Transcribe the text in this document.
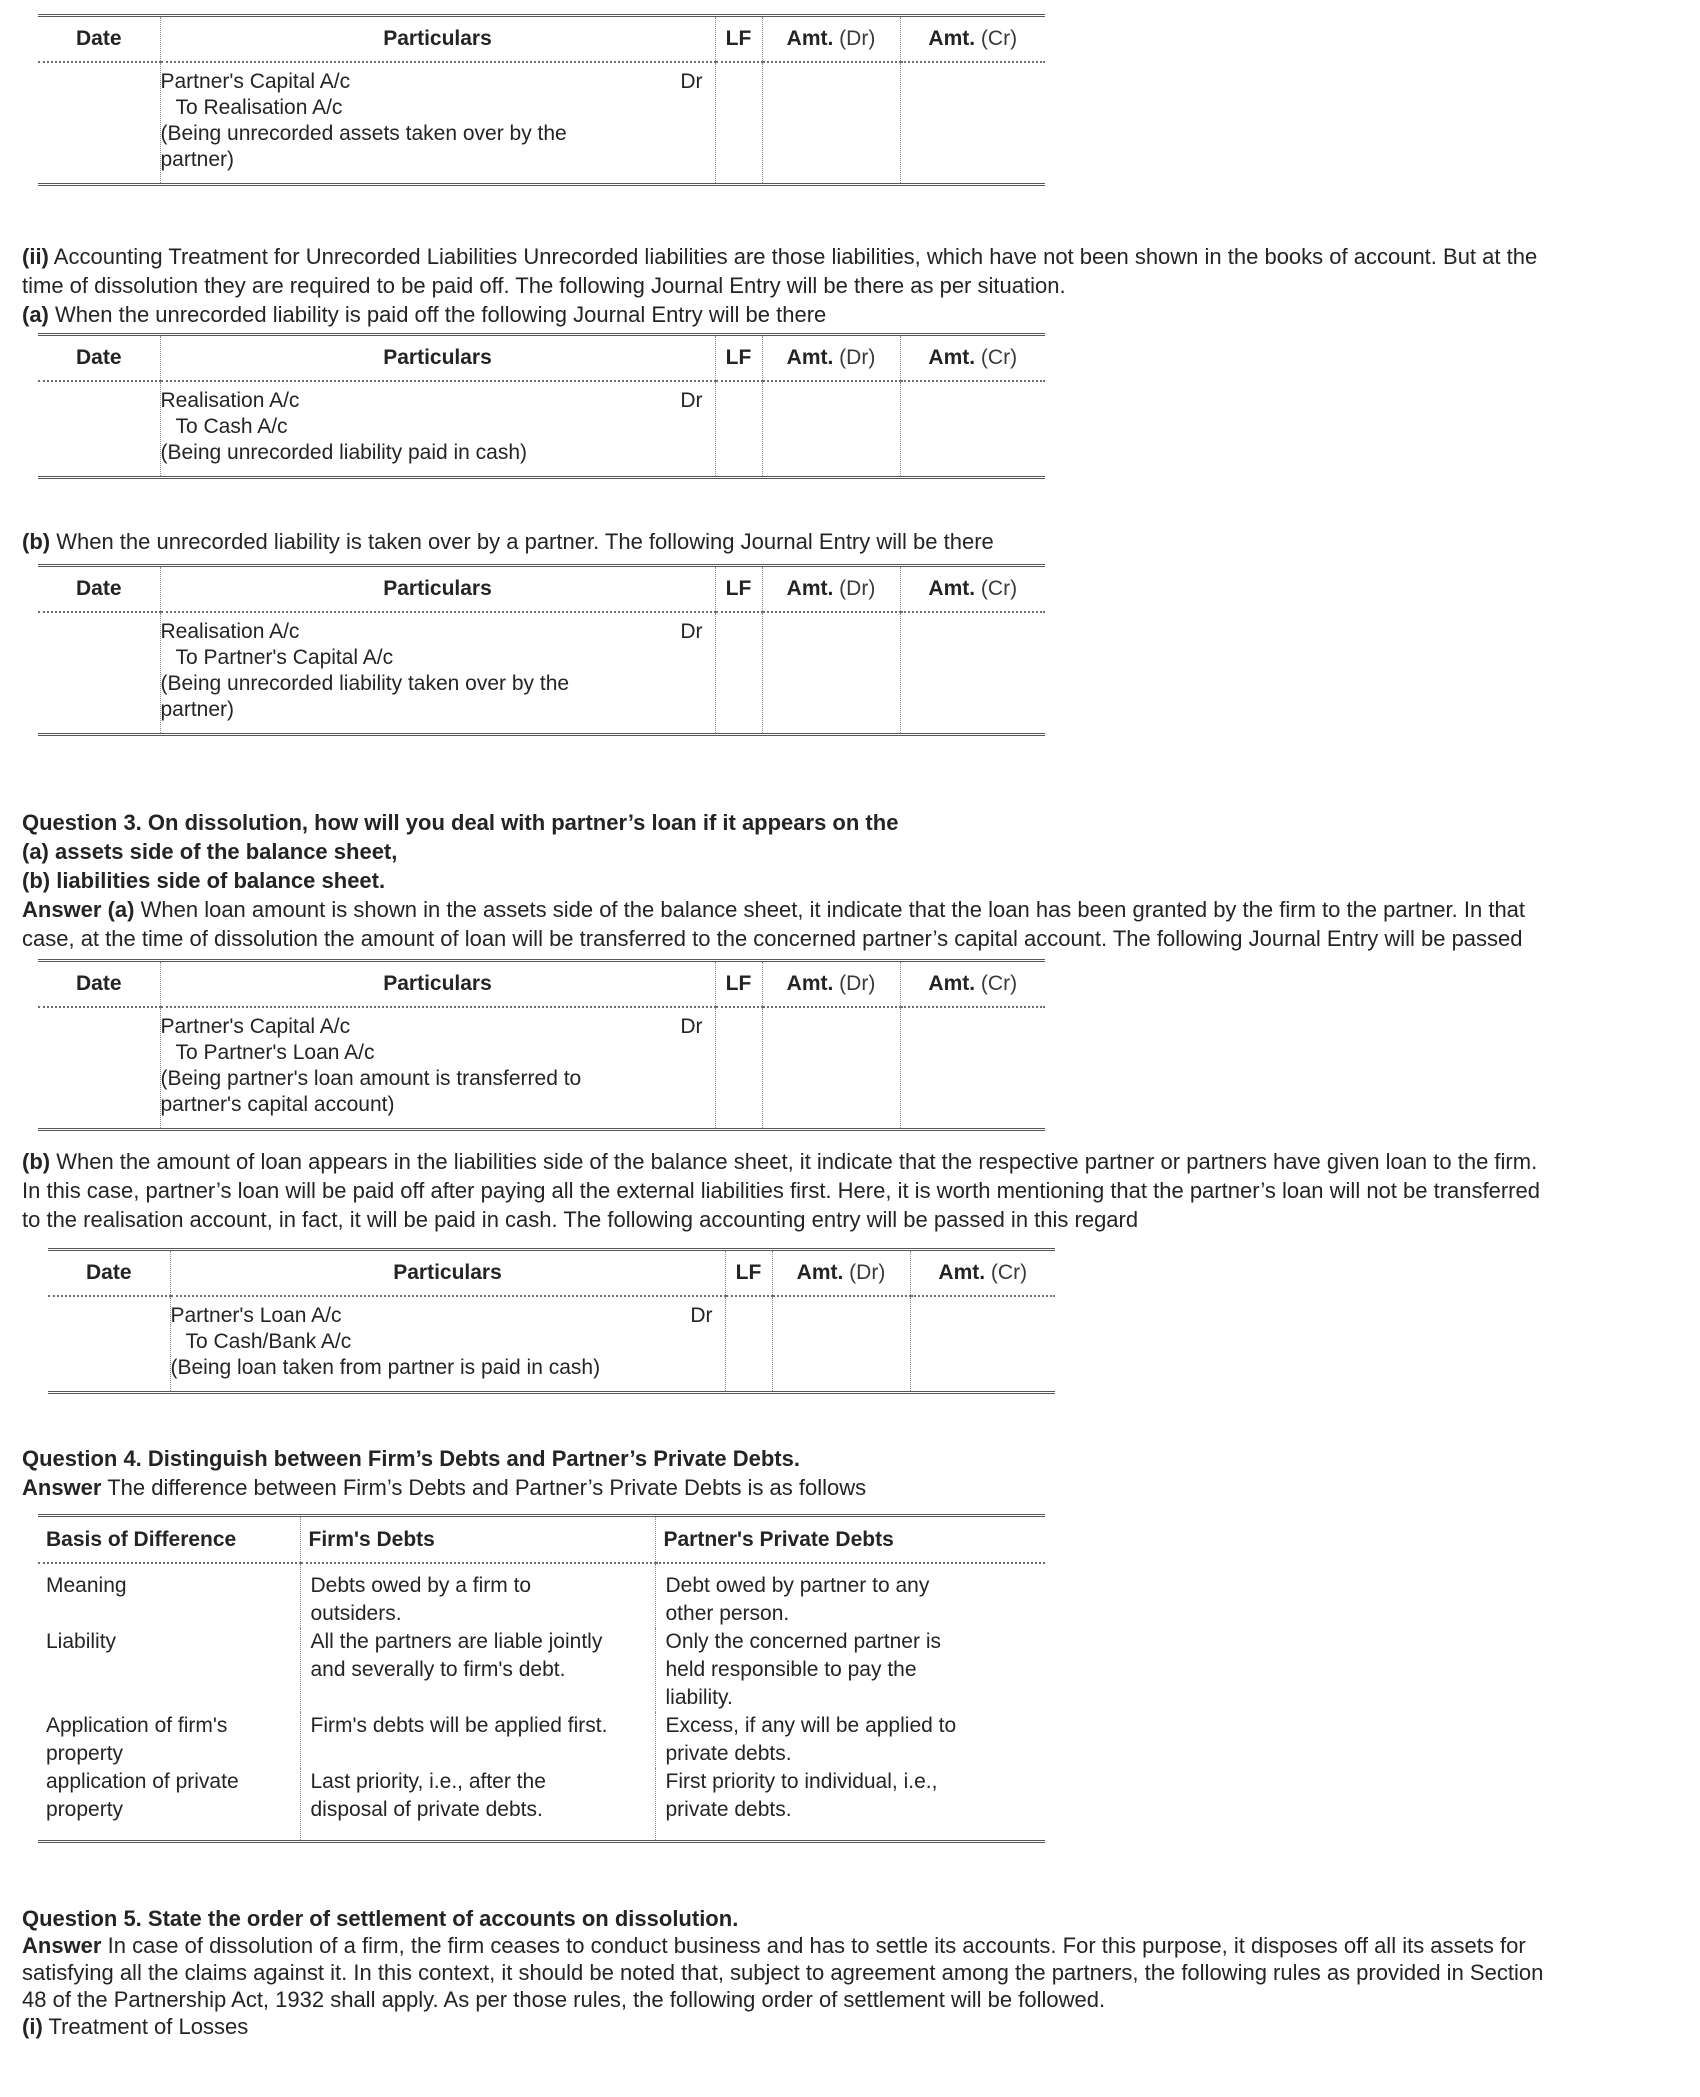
Date	Particulars	LF	Amt. (Dr)	Amt. (Cr)

	Partner's Capital A/c Dr
To Realisation A/c
(Being unrecorded assets taken over by the
partner)			

(ii) Accounting Treatment for Unrecorded Liabilities Unrecorded liabilities are those liabilities, which have not been shown in the books of account. But at the time of dissolution they are required to be paid off. The following Journal Entry will be there as per situation.

(a) When the unrecorded liability is paid off the following Journal Entry will be there

Date	Particulars	LF	Amt. (Dr)	Amt. (Cr)

	Realisation A/c Dr
To Cash A/c
(Being unrecorded liability paid in cash)			

(b) When the unrecorded liability is taken over by a partner. The following Journal Entry will be there

Date	Particulars	LF	Amt. (Dr)	Amt. (Cr)

	Realisation A/c Dr
To Partner's Capital A/c
(Being unrecorded liability taken over by the
partner)			

Question 3. On dissolution, how will you deal with partner’s loan if it appears on the

(a) assets side of the balance sheet,

(b) liabilities side of balance sheet.

Answer (a) When loan amount is shown in the assets side of the balance sheet, it indicate that the loan has been granted by the firm to the partner. In that case, at the time of dissolution the amount of loan will be transferred to the concerned partner’s capital account. The following Journal Entry will be passed

Date	Particulars	LF	Amt. (Dr)	Amt. (Cr)

	Partner's Capital A/c Dr
To Partner's Loan A/c
(Being partner's loan amount is transferred to
partner's capital account)			

(b) When the amount of loan appears in the liabilities side of the balance sheet, it indicate that the respective partner or partners have given loan to the firm. In this case, partner’s loan will be paid off after paying all the external liabilities first. Here, it is worth mentioning that the partner’s loan will not be transferred to the realisation account, in fact, it will be paid in cash. The following accounting entry will be passed in this regard

Date	Particulars	LF	Amt. (Dr)	Amt. (Cr)

	Partner's Loan A/c Dr
To Cash/Bank A/c
(Being loan taken from partner is paid in cash)			

Question 4. Distinguish between Firm’s Debts and Partner’s Private Debts.

Answer The difference between Firm’s Debts and Partner’s Private Debts is as follows

Basis of Difference	Firm's Debts	Partner's Private Debts
Meaning	Debts owed by a firm to outsiders.	Debt owed by partner to any other person.
Liability	All the partners are liable jointly and severally to firm's debt.	Only the concerned partner is held responsible to pay the liability.
Application of firm's property	Firm's debts will be applied first.	Excess, if any will be applied to private debts.
application of private property	Last priority, i.e., after the disposal of private debts.	First priority to individual, i.e., private debts.

Question 5. State the order of settlement of accounts on dissolution.

Answer In case of dissolution of a firm, the firm ceases to conduct business and has to settle its accounts. For this purpose, it disposes off all its assets for satisfying all the claims against it. In this context, it should be noted that, subject to agreement among the partners, the following rules as provided in Section 48 of the Partnership Act, 1932 shall apply. As per those rules, the following order of settlement will be followed.

(i) Treatment of Losses
